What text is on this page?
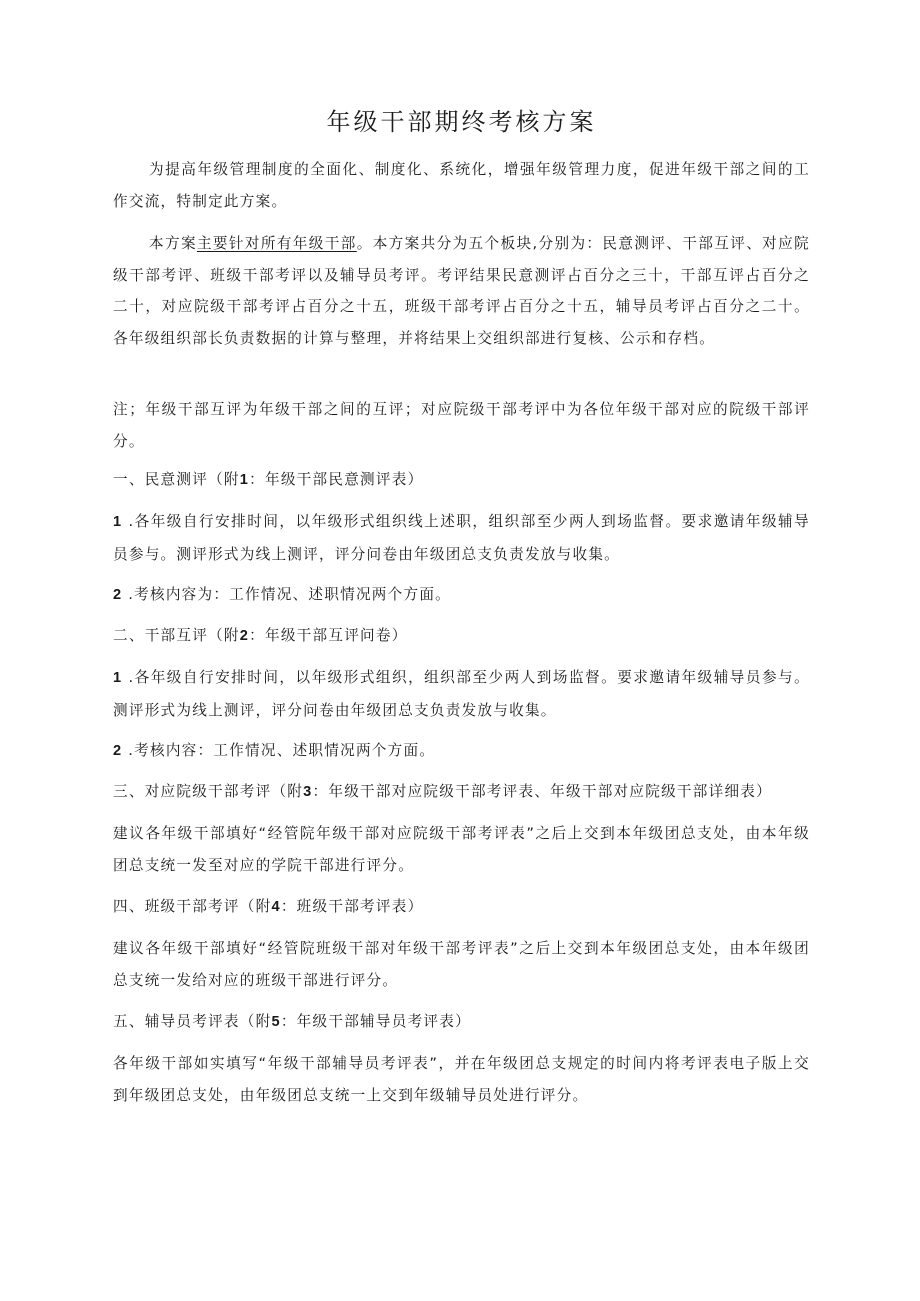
年级干部期终考核方案

为提高年级管理制度的全面化、制度化、系统化，增强年级管理力度，促进年级干部之间的工作交流，特制定此方案。

本方案主要针对所有年级干部。本方案共分为五个板块,分别为：民意测评、干部互评、对应院级干部考评、班级干部考评以及辅导员考评。考评结果民意测评占百分之三十，干部互评占百分之二十，对应院级干部考评占百分之十五，班级干部考评占百分之十五，辅导员考评占百分之二十。各年级组织部长负责数据的计算与整理，并将结果上交组织部进行复核、公示和存档。

注；年级干部互评为年级干部之间的互评；对应院级干部考评中为各位年级干部对应的院级干部评分。

一、民意测评（附1：年级干部民意测评表）

1 .各年级自行安排时间，以年级形式组织线上述职，组织部至少两人到场监督。要求邀请年级辅导员参与。测评形式为线上测评，评分问卷由年级团总支负责发放与收集。

2 .考核内容为：工作情况、述职情况两个方面。

二、干部互评（附2：年级干部互评问卷）

1 .各年级自行安排时间，以年级形式组织，组织部至少两人到场监督。要求邀请年级辅导员参与。测评形式为线上测评，评分问卷由年级团总支负责发放与收集。

2 .考核内容：工作情况、述职情况两个方面。

三、对应院级干部考评（附3：年级干部对应院级干部考评表、年级干部对应院级干部详细表）

建议各年级干部填好“经管院年级干部对应院级干部考评表”之后上交到本年级团总支处，由本年级团总支统一发至对应的学院干部进行评分。

四、班级干部考评（附4：班级干部考评表）

建议各年级干部填好“经管院班级干部对年级干部考评表”之后上交到本年级团总支处，由本年级团总支统一发给对应的班级干部进行评分。

五、辅导员考评表（附5：年级干部辅导员考评表）

各年级干部如实填写“年级干部辅导员考评表”，并在年级团总支规定的时间内将考评表电子版上交到年级团总支处，由年级团总支统一上交到年级辅导员处进行评分。
